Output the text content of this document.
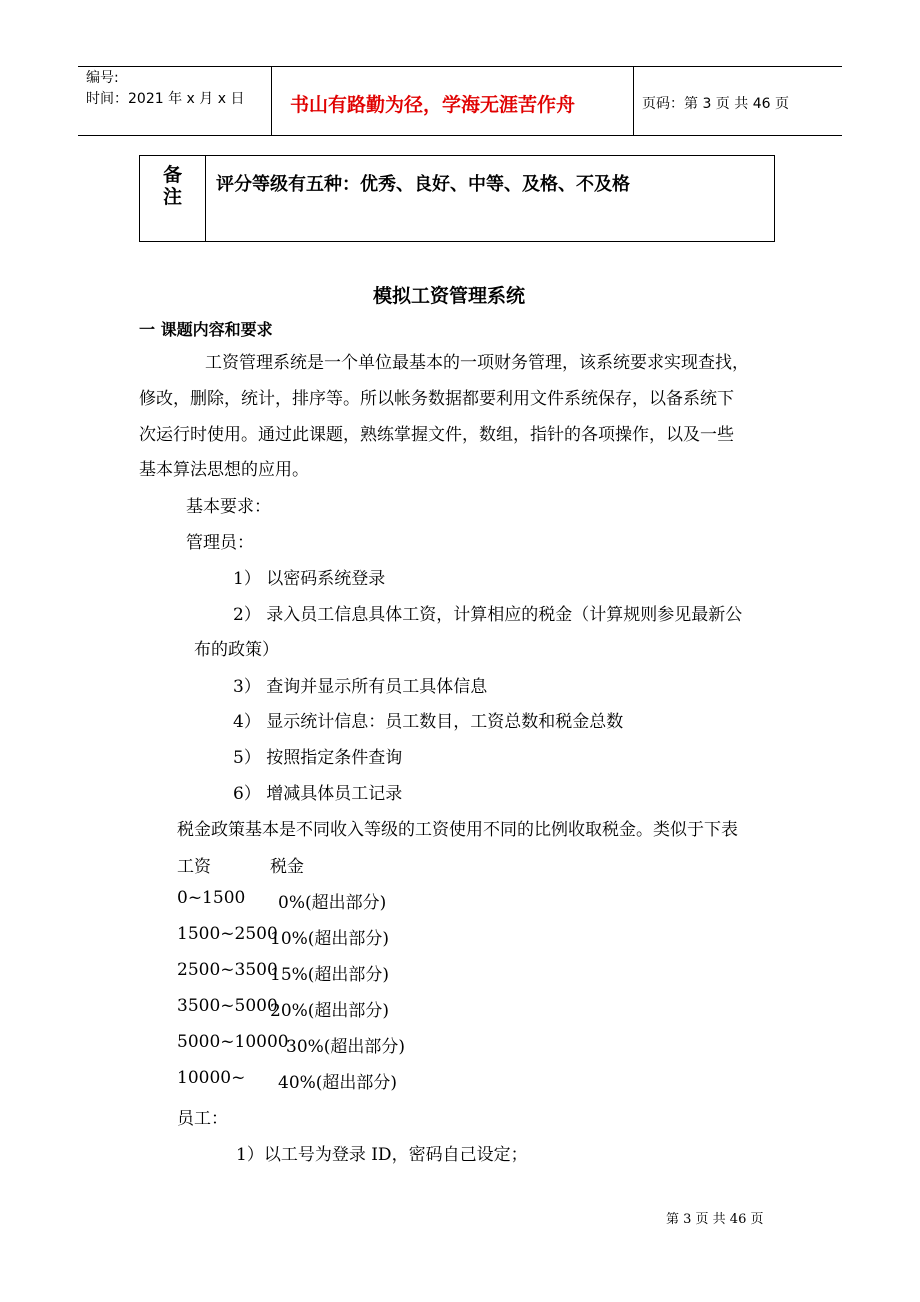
编号:
时间：2021 年 x 月 x 日 书山有路勤为径，学海无涯苦作舟	页码：第 3 页 共 46 页
备
注
评分等级有五种：优秀、良好、中等、及格、不及格
模拟工资管理系统
一 课题内容和要求
工资管理系统是一个单位最基本的一项财务管理，该系统要求实现查找，
修改，删除，统计，排序等。所以帐务数据都要利用文件系统保存，以备系统下
次运行时使用。通过此课题，熟练掌握文件，数组，指针的各项操作，以及一些
基本算法思想的应用。
基本要求：
管理员：
1） 以密码系统登录
2） 录入员工信息具体工资，计算相应的税金（计算规则参见最新公
布的政策）
3） 查询并显示所有员工具体信息
4） 显示统计信息：员工数目，工资总数和税金总数
5） 按照指定条件查询
6） 增减具体员工记录
税金政策基本是不同收入等级的工资使用不同的比例收取税金。类似于下表
工资	税金
0~1500 0%(超出部分)
1500~2500
10%(超出部分)
2500~3500
15%(超出部分)
3500~5000
20%(超出部分)
5000~10000
30%(超出部分)
10000~ 40%(超出部分)
员工：
1）以工号为登录 ID，密码自己设定；
第 3 页 共 46 页
